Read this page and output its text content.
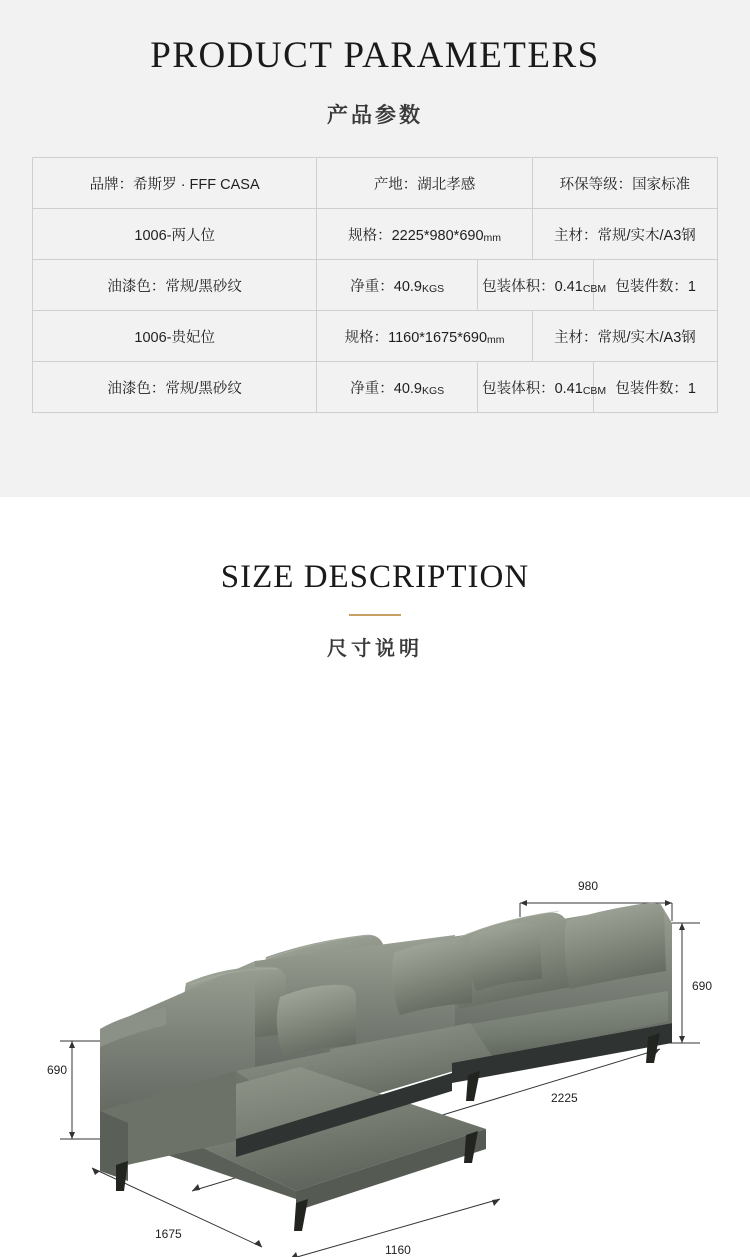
PRODUCT PARAMETERS
产品参数
品牌：希斯罗 · FFF CASA	产地：湖北孝感		环保等级：国家标准	
1006-两人位	规格：2225*980*690mm		主材：常规/实木/A3钢	
油漆色：常规/黑砂纹	净重：40.9KGS	包装体积：0.41CBM		包装件数：1
1006-贵妃位	规格：1160*1675*690mm		主材：常规/实木/A3钢	
油漆色：常规/黑砂纹	净重：40.9KGS	包装体积：0.41CBM		包装件数：1
SIZE DESCRIPTION
尺寸说明
980
690
2225
690
1675
1160
